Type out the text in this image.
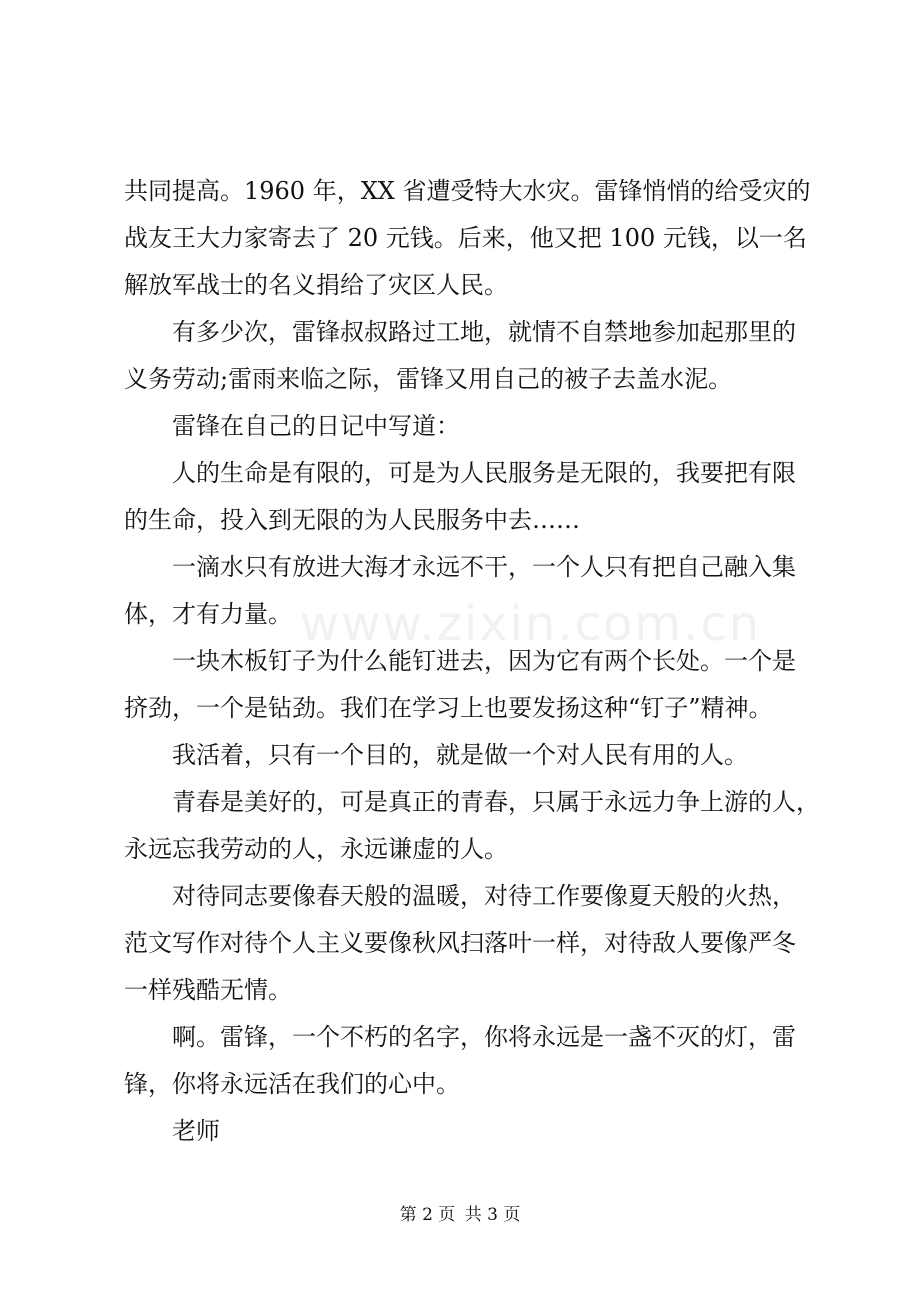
www.zixin.com.cn
共同提高。1960 年，XX 省遭受特大水灾。雷锋悄悄的给受灾的
战友王大力家寄去了 20 元钱。后来，他又把 100 元钱，以一名
解放军战士的名义捐给了灾区人民。
有多少次，雷锋叔叔路过工地，就情不自禁地参加起那里的
义务劳动;雷雨来临之际，雷锋又用自己的被子去盖水泥。
雷锋在自己的日记中写道：
人的生命是有限的，可是为人民服务是无限的，我要把有限
的生命，投入到无限的为人民服务中去……
一滴水只有放进大海才永远不干，一个人只有把自己融入集
体，才有力量。
一块木板钉子为什么能钉进去，因为它有两个长处。一个是
挤劲，一个是钻劲。我们在学习上也要发扬这种“钉子”精神。
我活着，只有一个目的，就是做一个对人民有用的人。
青春是美好的，可是真正的青春，只属于永远力争上游的人，
永远忘我劳动的人，永远谦虚的人。
对待同志要像春天般的温暖，对待工作要像夏天般的火热，
范文写作对待个人主义要像秋风扫落叶一样，对待敌人要像严冬
一样残酷无情。
啊。雷锋，一个不朽的名字，你将永远是一盏不灭的灯，雷
锋，你将永远活在我们的心中。
老师
第 2 页 共 3 页
